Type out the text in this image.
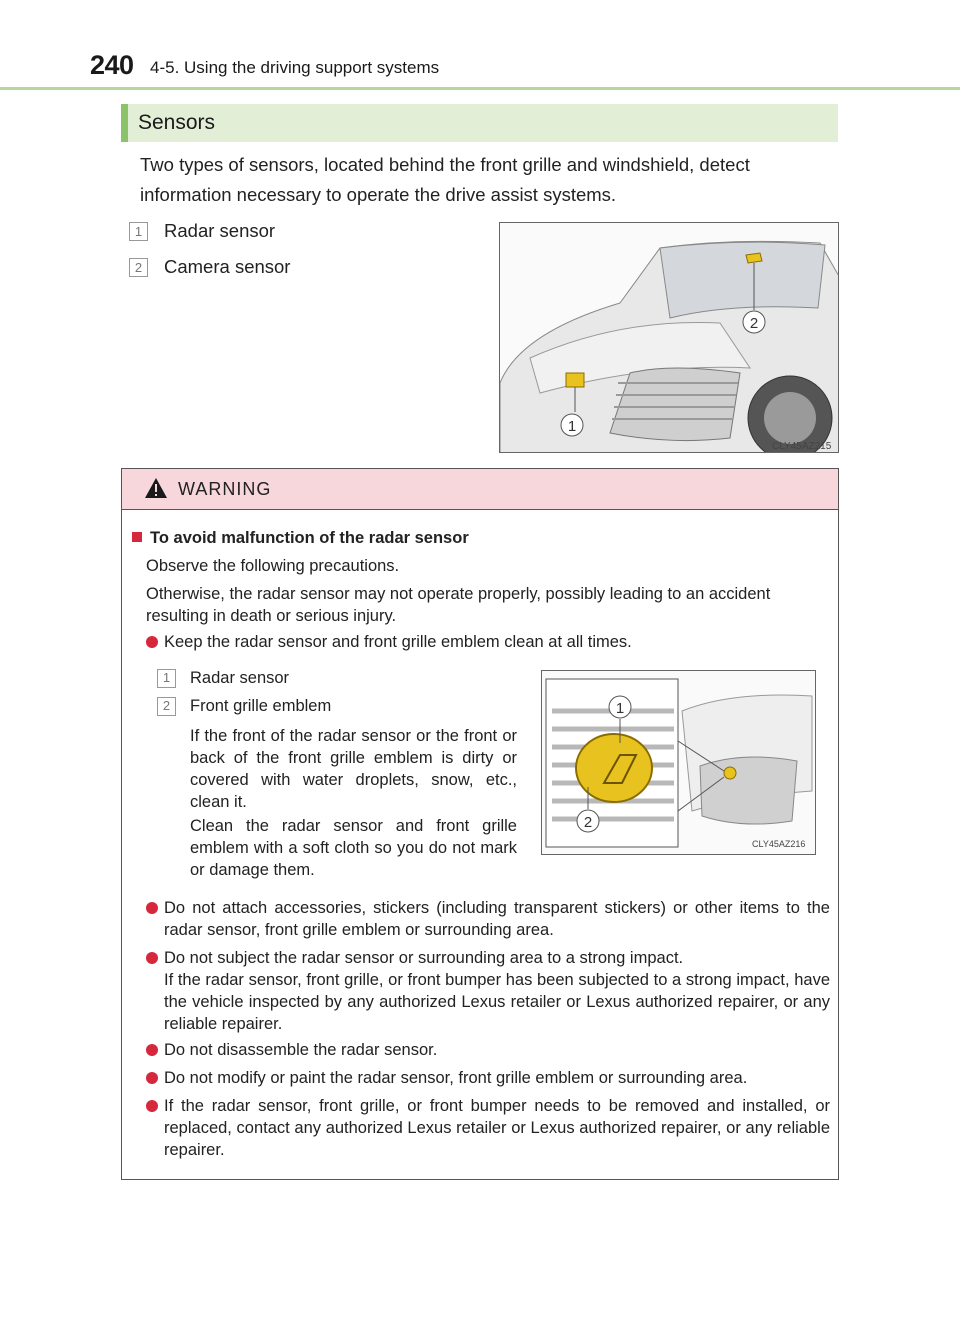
240 4-5. Using the driving support systems
Sensors
Two types of sensors, located behind the front grille and windshield, detect information necessary to operate the drive assist systems.
1	Radar sensor
2	Camera sensor
2
1
CLY45AZ215
WARNING
To avoid malfunction of the radar sensor
Observe the following precautions.
Otherwise, the radar sensor may not operate properly, possibly leading to an accident resulting in death or serious injury.
Keep the radar sensor and front grille emblem clean at all times.
1	Radar sensor
2	Front grille emblem
If the front of the radar sensor or the front or back of the front grille emblem is dirty or covered with water droplets, snow, etc., clean it.
Clean the radar sensor and front grille emblem with a soft cloth so you do not mark or damage them.
Do not attach accessories, stickers (including transparent stickers) or other items to the radar sensor, front grille emblem or surrounding area.
Do not subject the radar sensor or surrounding area to a strong impact.
If the radar sensor, front grille, or front bumper has been subjected to a strong impact, have the vehicle inspected by any authorized Lexus retailer or Lexus authorized repairer, or any reliable repairer.
Do not disassemble the radar sensor.
Do not modify or paint the radar sensor, front grille emblem or surrounding area.
If the radar sensor, front grille, or front bumper needs to be removed and installed, or replaced, contact any authorized Lexus retailer or Lexus authorized repairer, or any reliable repairer.
1
2
CLY45AZ216
